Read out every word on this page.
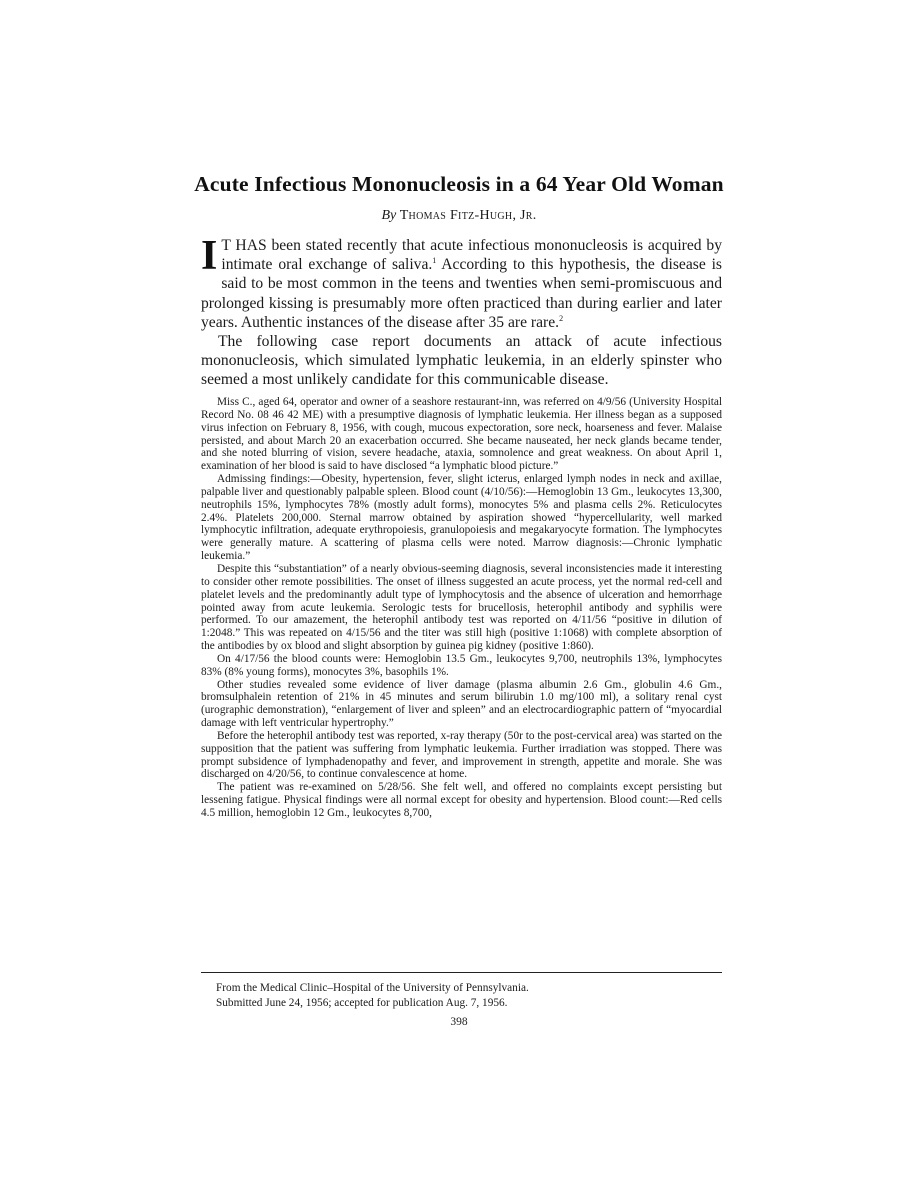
Acute Infectious Mononucleosis in a 64 Year Old Woman
By Thomas Fitz-Hugh, Jr.

I T HAS been stated recently that acute infectious mononucleosis is acquired by intimate oral exchange of saliva.$^1$ According to this hypothesis, the disease is said to be most common in the teens and twenties when semi-promiscuous and prolonged kissing is presumably more often practiced than during earlier and later years. Authentic instances of the disease after 35 are rare.$^2$

The following case report documents an attack of acute infectious mononucleosis, which simulated lymphatic leukemia, in an elderly spinster who seemed a most unlikely candidate for this communicable disease.

Miss C., aged 64, operator and owner of a seashore restaurant-inn, was referred on 4/9/56 (University Hospital Record No. 08 46 42 ME) with a presumptive diagnosis of lymphatic leukemia. Her illness began as a supposed virus infection on February 8, 1956, with cough, mucous expectoration, sore neck, hoarseness and fever. Malaise persisted, and about March 20 an exacerbation occurred. She became nauseated, her neck glands became tender, and she noted blurring of vision, severe headache, ataxia, somnolence and great weakness. On about April 1, examination of her blood is said to have disclosed “a lymphatic blood picture.”

Admissing findings:—Obesity, hypertension, fever, slight icterus, enlarged lymph nodes in neck and axillae, palpable liver and questionably palpable spleen. Blood count (4/10/56):—Hemoglobin 13 Gm., leukocytes 13,300, neutrophils 15%, lymphocytes 78% (mostly adult forms), monocytes 5% and plasma cells 2%. Reticulocytes 2.4%. Platelets 200,000. Sternal marrow obtained by aspiration showed “hypercellularity, well marked lymphocytic infiltration, adequate erythropoiesis, granulopoiesis and megakaryocyte formation. The lymphocytes were generally mature. A scattering of plasma cells were noted. Marrow diagnosis:—Chronic lymphatic leukemia.”

Despite this “substantiation” of a nearly obvious-seeming diagnosis, several inconsistencies made it interesting to consider other remote possibilities. The onset of illness suggested an acute process, yet the normal red-cell and platelet levels and the predominantly adult type of lymphocytosis and the absence of ulceration and hemorrhage pointed away from acute leukemia. Serologic tests for brucellosis, heterophil antibody and syphilis were performed. To our amazement, the heterophil antibody test was reported on 4/11/56 “positive in dilution of 1:2048.” This was repeated on 4/15/56 and the titer was still high (positive 1:1068) with complete absorption of the antibodies by ox blood and slight absorption by guinea pig kidney (positive 1:860).

On 4/17/56 the blood counts were: Hemoglobin 13.5 Gm., leukocytes 9,700, neutrophils 13%, lymphocytes 83% (8% young forms), monocytes 3%, basophils 1%.

Other studies revealed some evidence of liver damage (plasma albumin 2.6 Gm., globulin 4.6 Gm., bromsulphalein retention of 21% in 45 minutes and serum bilirubin 1.0 mg/100 ml), a solitary renal cyst (urographic demonstration), “enlargement of liver and spleen” and an electrocardiographic pattern of “myocardial damage with left ventricular hypertrophy.”

Before the heterophil antibody test was reported, x-ray therapy (50r to the post-cervical area) was started on the supposition that the patient was suffering from lymphatic leukemia. Further irradiation was stopped. There was prompt subsidence of lymphadenopathy and fever, and improvement in strength, appetite and morale. She was discharged on 4/20/56, to continue convalescence at home.

The patient was re-examined on 5/28/56. She felt well, and offered no complaints except persisting but lessening fatigue. Physical findings were all normal except for obesity and hypertension. Blood count:—Red cells 4.5 million, hemoglobin 12 Gm., leukocytes 8,700,

From the Medical Clinic–Hospital of the University of Pennsylvania.
Submitted June 24, 1956; accepted for publication Aug. 7, 1956.
398
